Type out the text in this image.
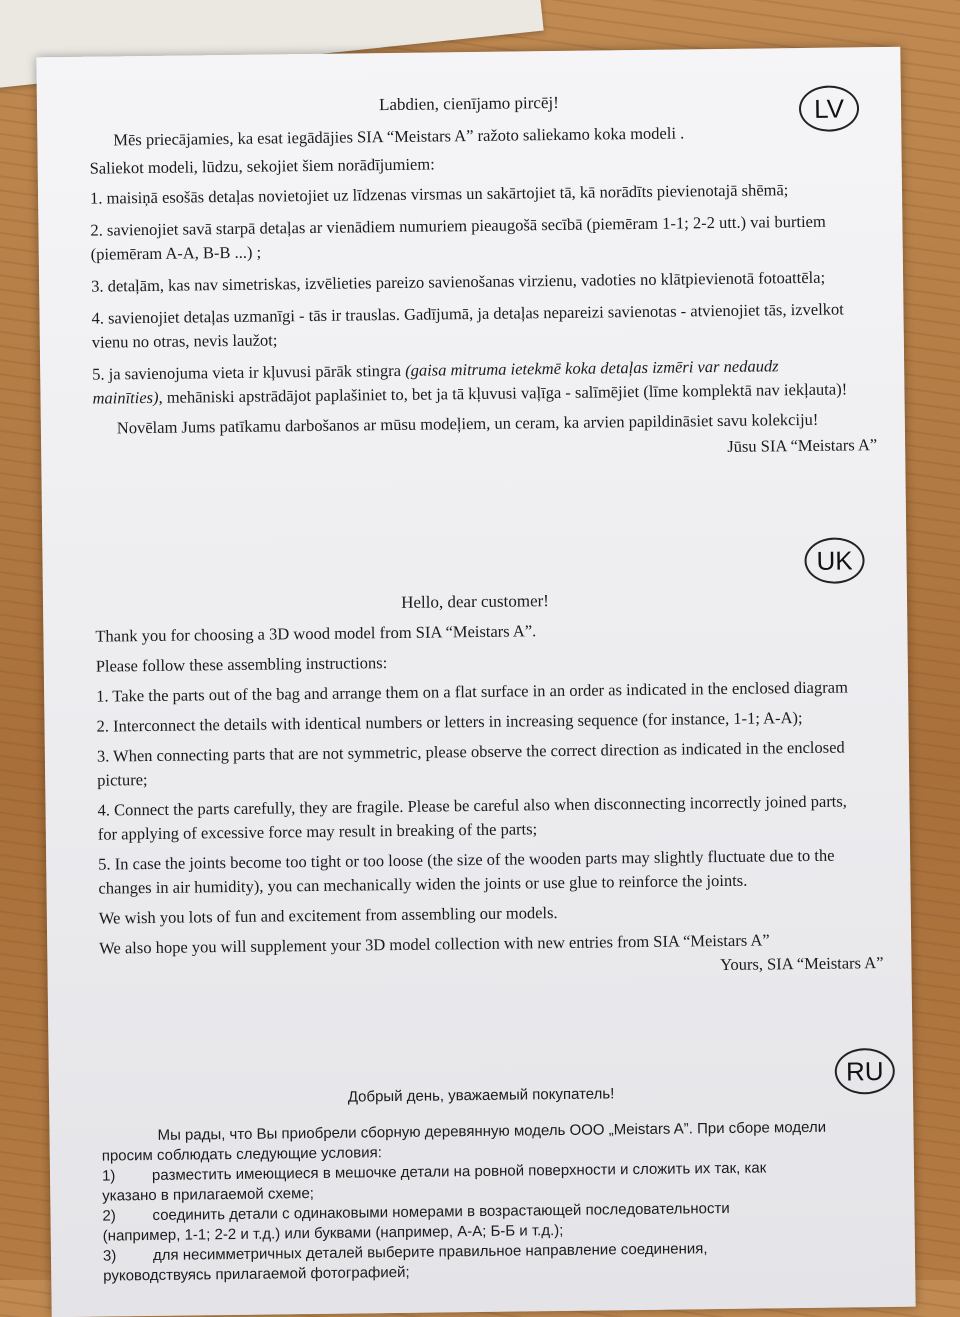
LV
Labdien, cienījamo pircēj!

Mēs priecājamies, ka esat iegādājies SIA “Meistars A” ražoto saliekamo koka modeli .

Saliekot modeli, lūdzu, sekojiet šiem norādījumiem:

1. maisiņā esošās detaļas novietojiet uz līdzenas virsmas un sakārtojiet tā, kā norādīts pievienotajā shēmā;

2. savienojiet savā starpā detaļas ar vienādiem numuriem pieaugošā secībā (piemēram 1-1; 2-2 utt.) vai burtiem (piemēram A-A, B-B ...) ;

3. detaļām, kas nav simetriskas, izvēlieties pareizo savienošanas virzienu, vadoties no klātpievienotā fotoattēla;

4. savienojiet detaļas uzmanīgi - tās ir trauslas. Gadījumā, ja detaļas nepareizi savienotas - atvienojiet tās, izvelkot vienu no otras, nevis laužot;

5. ja savienojuma vieta ir kļuvusi pārāk stingra (gaisa mitruma ietekmē koka detaļas izmēri var nedaudz mainīties), mehāniski apstrādājot paplašiniet to, bet ja tā kļuvusi vaļīga - salīmējiet (līme komplektā nav iekļauta)!

Novēlam Jums patīkamu darbošanos ar mūsu modeļiem, un ceram, ka arvien papildināsiet savu kolekciju!

Jūsu SIA “Meistars A”
UK
Hello, dear customer!

Thank you for choosing a 3D wood model from SIA “Meistars A”.

Please follow these assembling instructions:

1. Take the parts out of the bag and arrange them on a flat surface in an order as indicated in the enclosed diagram

2. Interconnect the details with identical numbers or letters in increasing sequence (for instance, 1-1; A-A);

3. When connecting parts that are not symmetric, please observe the correct direction as indicated in the enclosed picture;

4. Connect the parts carefully, they are fragile. Please be careful also when disconnecting incorrectly joined parts, for applying of excessive force may result in breaking of the parts;

5. In case the joints become too tight or too loose (the size of the wooden parts may slightly fluctuate due to the changes in air humidity), you can mechanically widen the joints or use glue to reinforce the joints.

We wish you lots of fun and excitement from assembling our models.

We also hope you will supplement your 3D model collection with new entries from SIA “Meistars A”

Yours, SIA “Meistars A”
RU
Добрый день, уважаемый покупатель!

Мы рады, что Вы приобрели сборную деревянную модель ООО „Meistars A”. При сборе модели просим соблюдать следующие условия:

1)	разместить имеющиеся в мешочке детали на ровной поверхности и сложить их так, как
указано в прилагаемой схеме;
2)	соединить детали с одинаковыми номерами в возрастающей последовательности
(например, 1-1; 2-2 и т.д.) или буквами (например, А-А; Б-Б и т.д.);
3)	для несимметричных деталей выберите правильное направление соединения,
руководствуясь прилагаемой фотографией;
